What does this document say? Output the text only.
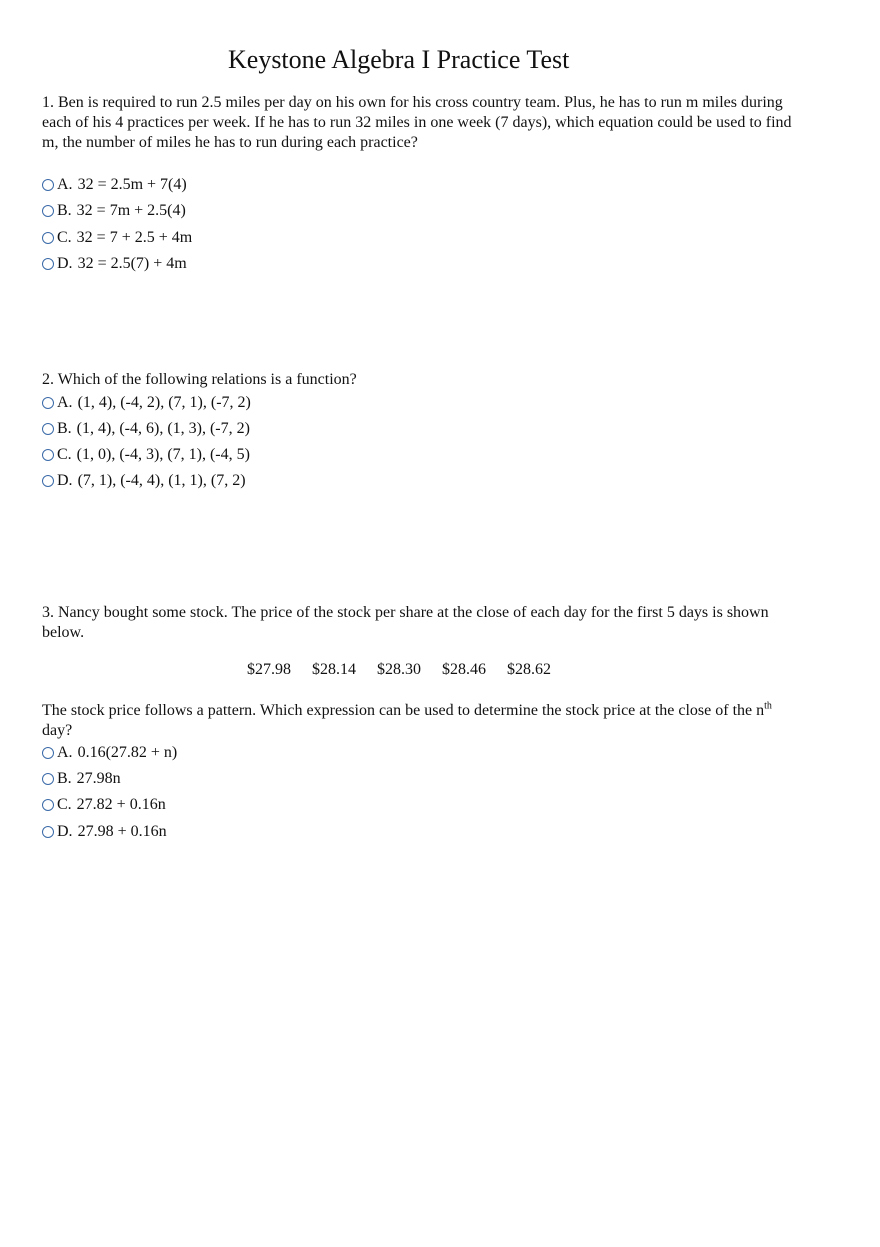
Keystone Algebra I Practice Test
1. Ben is required to run 2.5 miles per day on his own for his cross country team. Plus, he has to run m miles during each of his 4 practices per week. If he has to run 32 miles in one week (7 days), which equation could be used to find m, the number of miles he has to run during each practice?
A. 32 = 2.5m + 7(4)
B. 32 = 7m + 2.5(4)
C. 32 = 7 + 2.5 + 4m
D. 32 = 2.5(7) + 4m
2. Which of the following relations is a function?
A. (1, 4), (-4, 2), (7, 1), (-7, 2)
B. (1, 4), (-4, 6), (1, 3), (-7, 2)
C. (1, 0), (-4, 3), (7, 1), (-4, 5)
D. (7, 1), (-4, 4), (1, 1), (7, 2)
3. Nancy bought some stock. The price of the stock per share at the close of each day for the first 5 days is shown below.
$27.98 $28.14 $28.30 $28.46 $28.62
The stock price follows a pattern. Which expression can be used to determine the stock price at the close of the $n^{th}$ day?
A. 0.16(27.82 + n)
B. 27.98n
C. 27.82 + 0.16n
D. 27.98 + 0.16n
